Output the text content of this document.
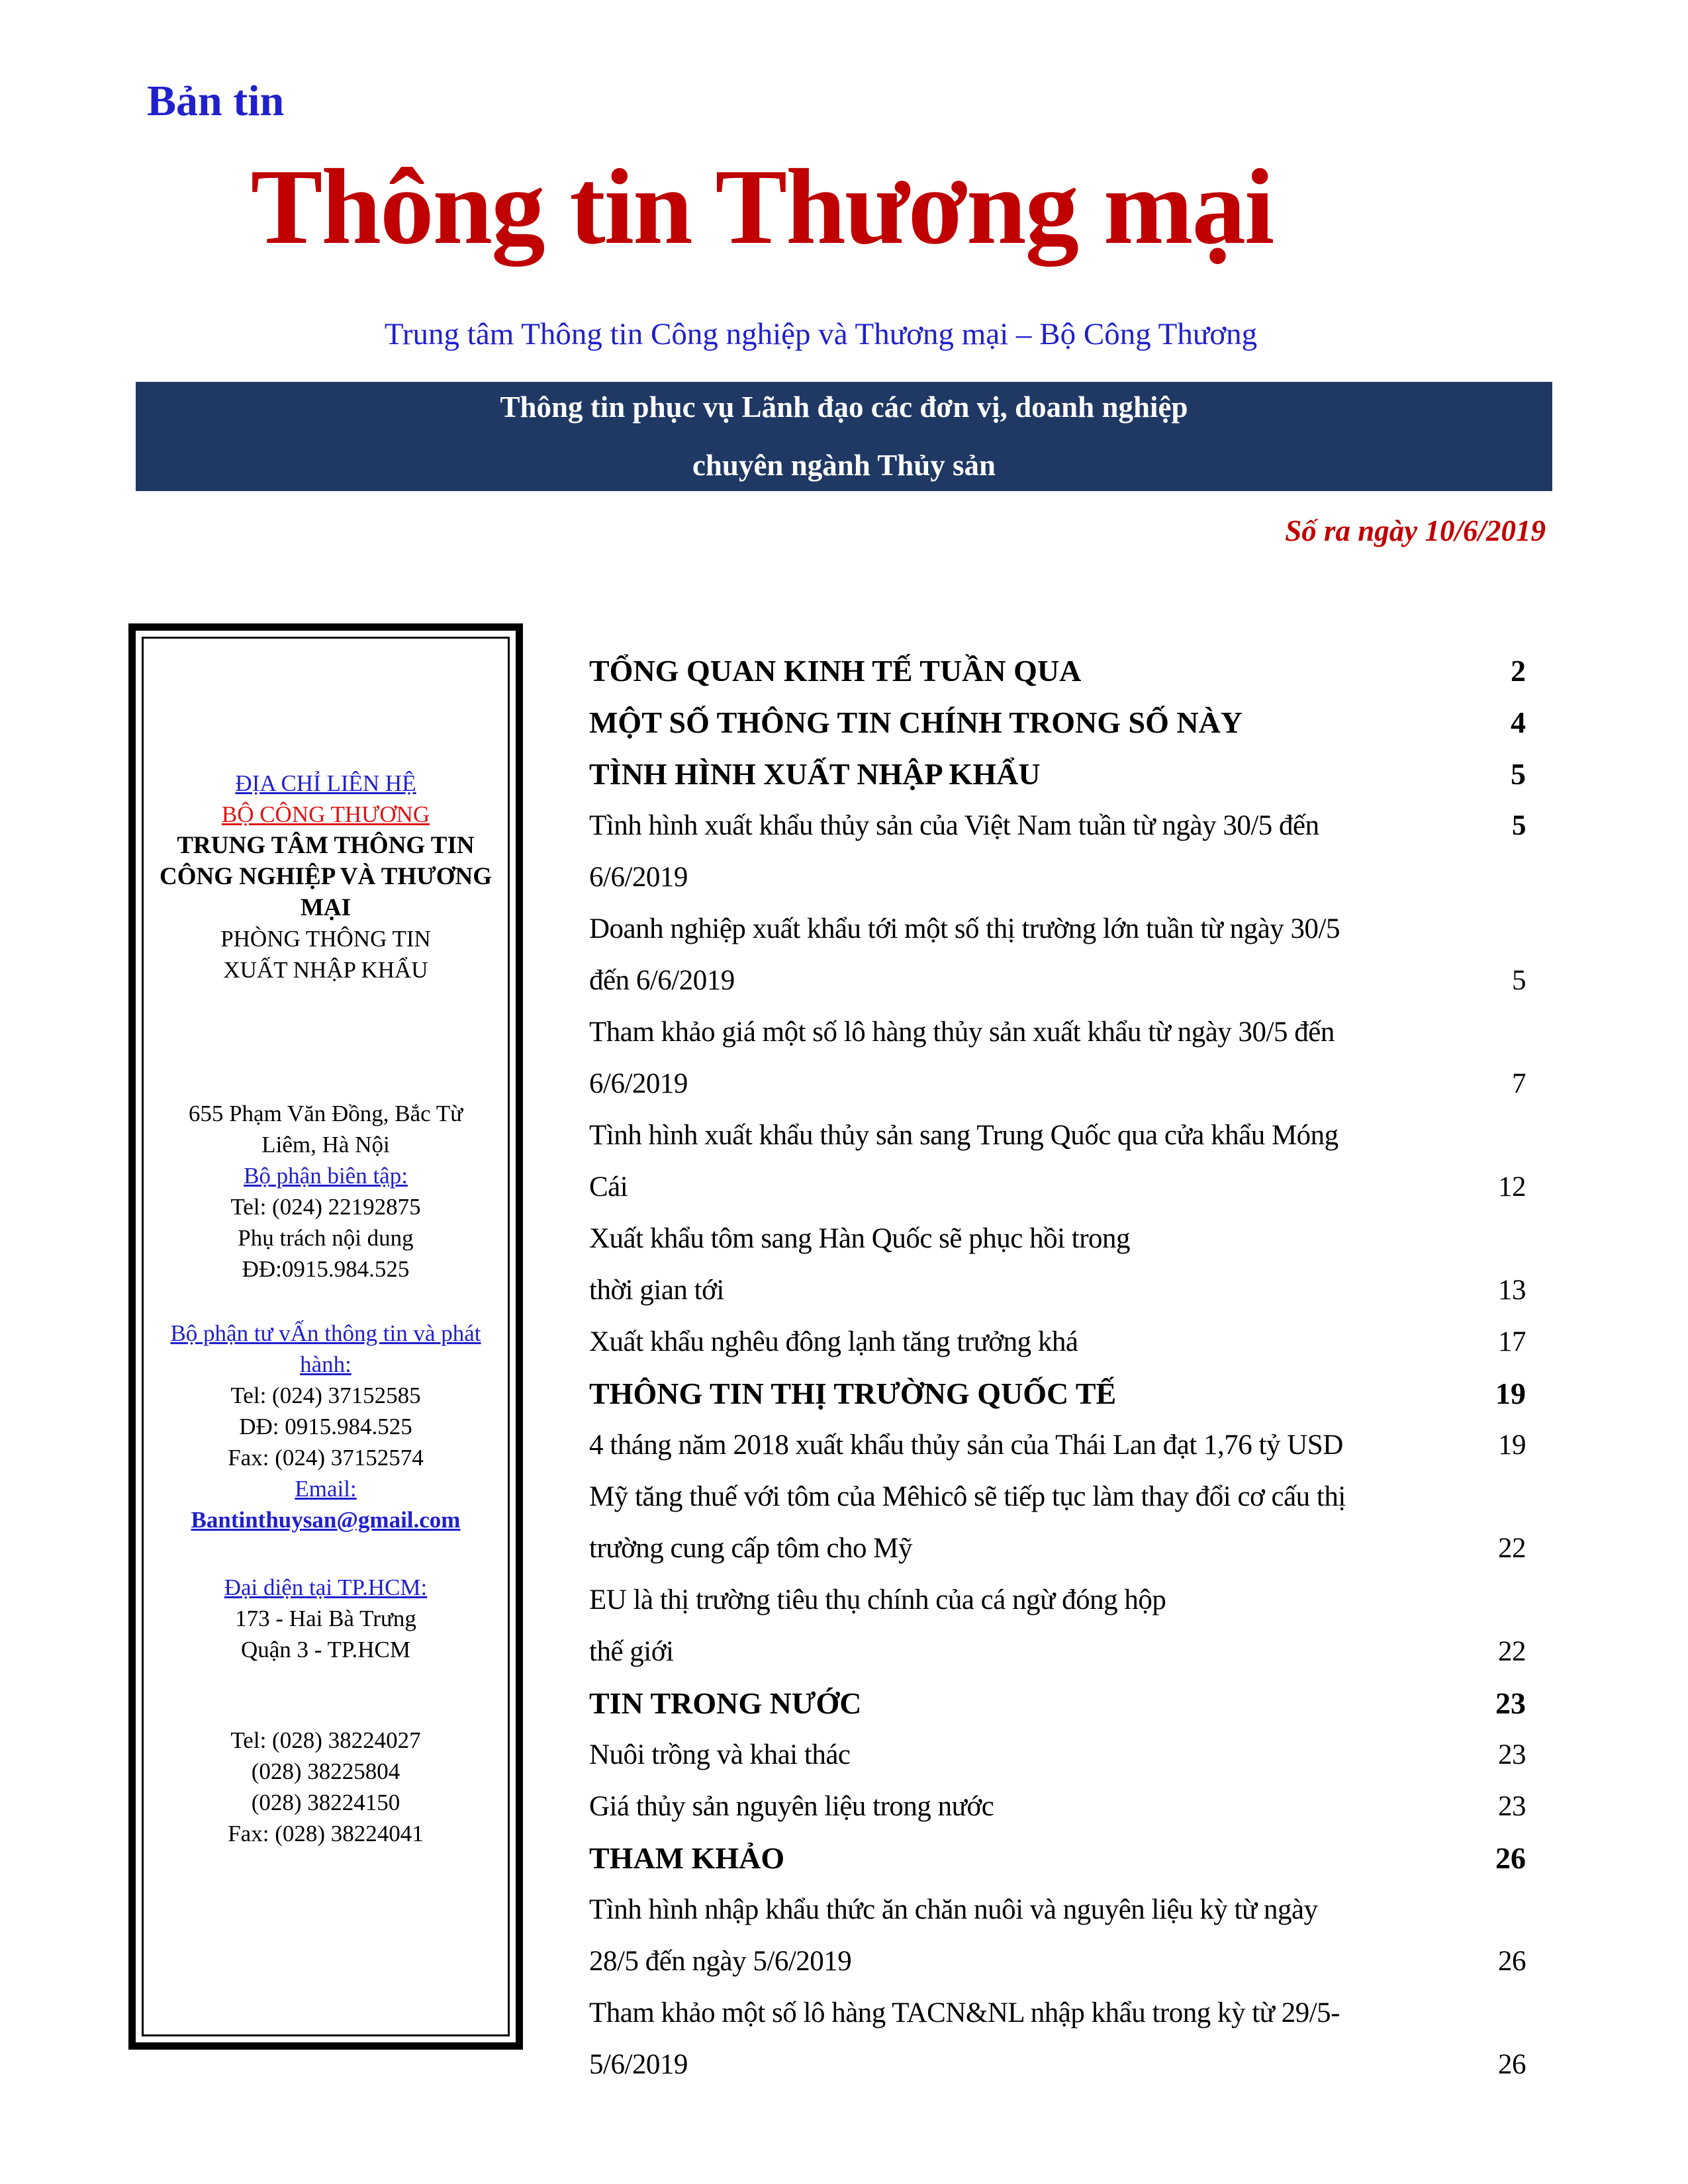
Bản tin
Thông tin Thương mại
Trung tâm Thông tin Công nghiệp và Thương mại – Bộ Công Thương
Thông tin phục vụ Lãnh đạo các đơn vị, doanh nghiệp
chuyên ngành Thủy sản
Số ra ngày 10/6/2019
ĐỊA CHỈ LIÊN HỆ
BỘ CÔNG THƯƠNG
TRUNG TÂM THÔNG TIN
CÔNG NGHIỆP VÀ THƯƠNG
MẠI
PHÒNG THÔNG TIN
XUẤT NHẬP KHẨU
655 Phạm Văn Đồng, Bắc Từ
Liêm, Hà Nội
Bộ phận biên tập:
Tel: (024) 22192875
Phụ trách nội dung
ĐĐ:0915.984.525
Bộ phận tư vẤn thông tin và phát
hành:
Tel: (024) 37152585
DĐ: 0915.984.525
Fax: (024) 37152574
Email:
Bantinthuysan@gmail.com
Đại diện tại TP.HCM:
173 - Hai Bà Trưng
Quận 3 - TP.HCM
Tel: (028) 38224027
(028) 38225804
(028) 38224150
Fax: (028) 38224041
TỔNG QUAN KINH TẾ TUẦN QUA	2
MỘT SỐ THÔNG TIN CHÍNH TRONG SỐ NÀY	4
TÌNH HÌNH XUẤT NHẬP KHẨU	5
Tình hình xuất khẩu thủy sản của Việt Nam tuần từ ngày 30/5 đến	5
6/6/2019
Doanh nghiệp xuất khẩu tới một số thị trường lớn tuần từ ngày 30/5
đến 6/6/2019	5
Tham khảo giá một số lô hàng thủy sản xuất khẩu từ ngày 30/5 đến
6/6/2019	7
Tình hình xuất khẩu thủy sản sang Trung Quốc qua cửa khẩu Móng
Cái	12
Xuất khẩu tôm sang Hàn Quốc sẽ phục hồi trong
thời gian tới	13
Xuất khẩu nghêu đông lạnh tăng trưởng khá	17
THÔNG TIN THỊ TRƯỜNG QUỐC TẾ	19
4 tháng năm 2018 xuất khẩu thủy sản của Thái Lan đạt 1,76 tỷ USD	19
Mỹ tăng thuế với tôm của Mêhicô sẽ tiếp tục làm thay đổi cơ cấu thị
trường cung cấp tôm cho Mỹ	22
EU là thị trường tiêu thụ chính của cá ngừ đóng hộp
thế giới	22
TIN TRONG NƯỚC	23
Nuôi trồng và khai thác	23
Giá thủy sản nguyên liệu trong nước	23
THAM KHẢO	26
Tình hình nhập khẩu thức ăn chăn nuôi và nguyên liệu kỳ từ ngày
28/5 đến ngày 5/6/2019	26
Tham khảo một số lô hàng TACN&NL nhập khẩu trong kỳ từ 29/5-
5/6/2019	26
